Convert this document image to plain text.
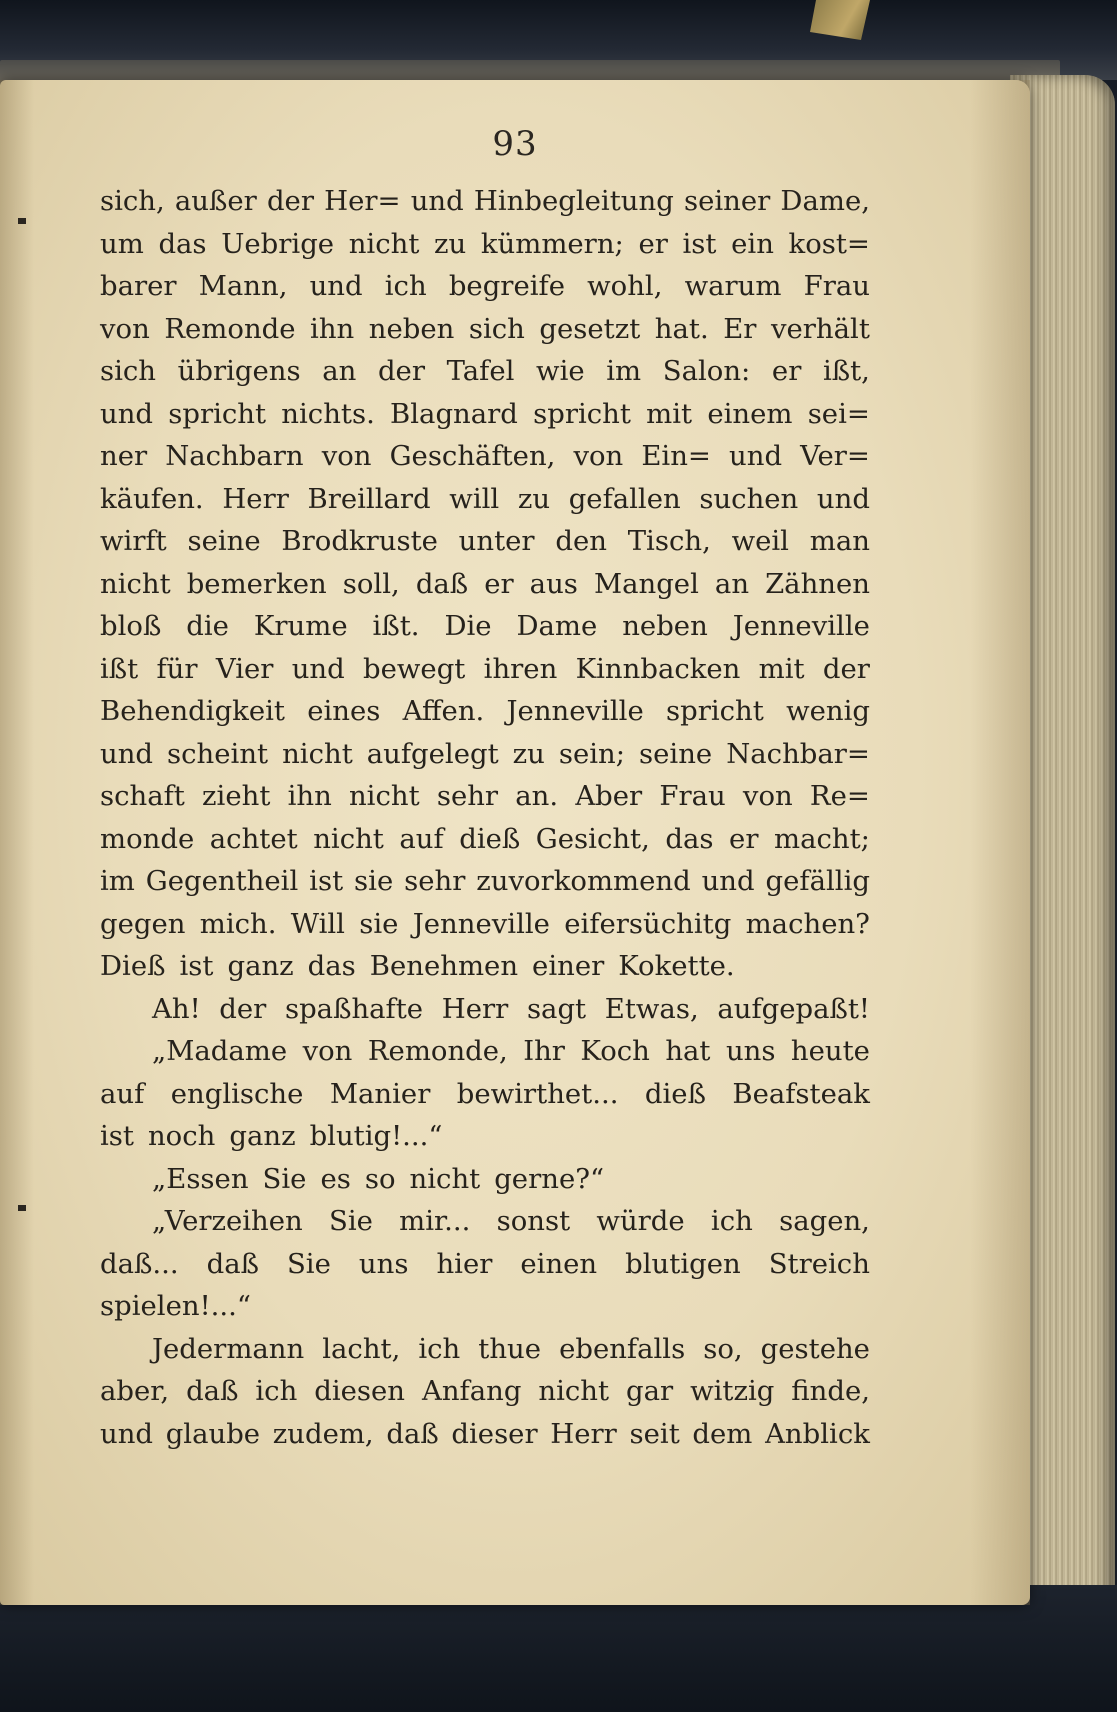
93
sich, außer der Her= und Hinbegleitung seiner Dame,
um das Uebrige nicht zu kümmern; er ist ein kost=
barer Mann, und ich begreife wohl, warum Frau
von Remonde ihn neben sich gesetzt hat. Er verhält
sich übrigens an der Tafel wie im Salon: er ißt,
und spricht nichts. Blagnard spricht mit einem sei=
ner Nachbarn von Geschäften, von Ein= und Ver=
käufen. Herr Breillard will zu gefallen suchen und
wirft seine Brodkruste unter den Tisch, weil man
nicht bemerken soll, daß er aus Mangel an Zähnen
bloß die Krume ißt. Die Dame neben Jenneville
ißt für Vier und bewegt ihren Kinnbacken mit der
Behendigkeit eines Affen. Jenneville spricht wenig
und scheint nicht aufgelegt zu sein; seine Nachbar=
schaft zieht ihn nicht sehr an. Aber Frau von Re=
monde achtet nicht auf dieß Gesicht, das er macht;
im Gegentheil ist sie sehr zuvorkommend und gefällig
gegen mich. Will sie Jenneville eifersüchitg machen?
Dieß ist ganz das Benehmen einer Kokette.
Ah! der spaßhafte Herr sagt Etwas, aufgepaßt!
„Madame von Remonde, Ihr Koch hat uns heute
auf englische Manier bewirthet... dieß Beafsteak
ist noch ganz blutig!...“
„Essen Sie es so nicht gerne?“
„Verzeihen Sie mir... sonst würde ich sagen,
daß... daß Sie uns hier einen blutigen Streich
spielen!...“
Jedermann lacht, ich thue ebenfalls so, gestehe
aber, daß ich diesen Anfang nicht gar witzig finde,
und glaube zudem, daß dieser Herr seit dem Anblick
